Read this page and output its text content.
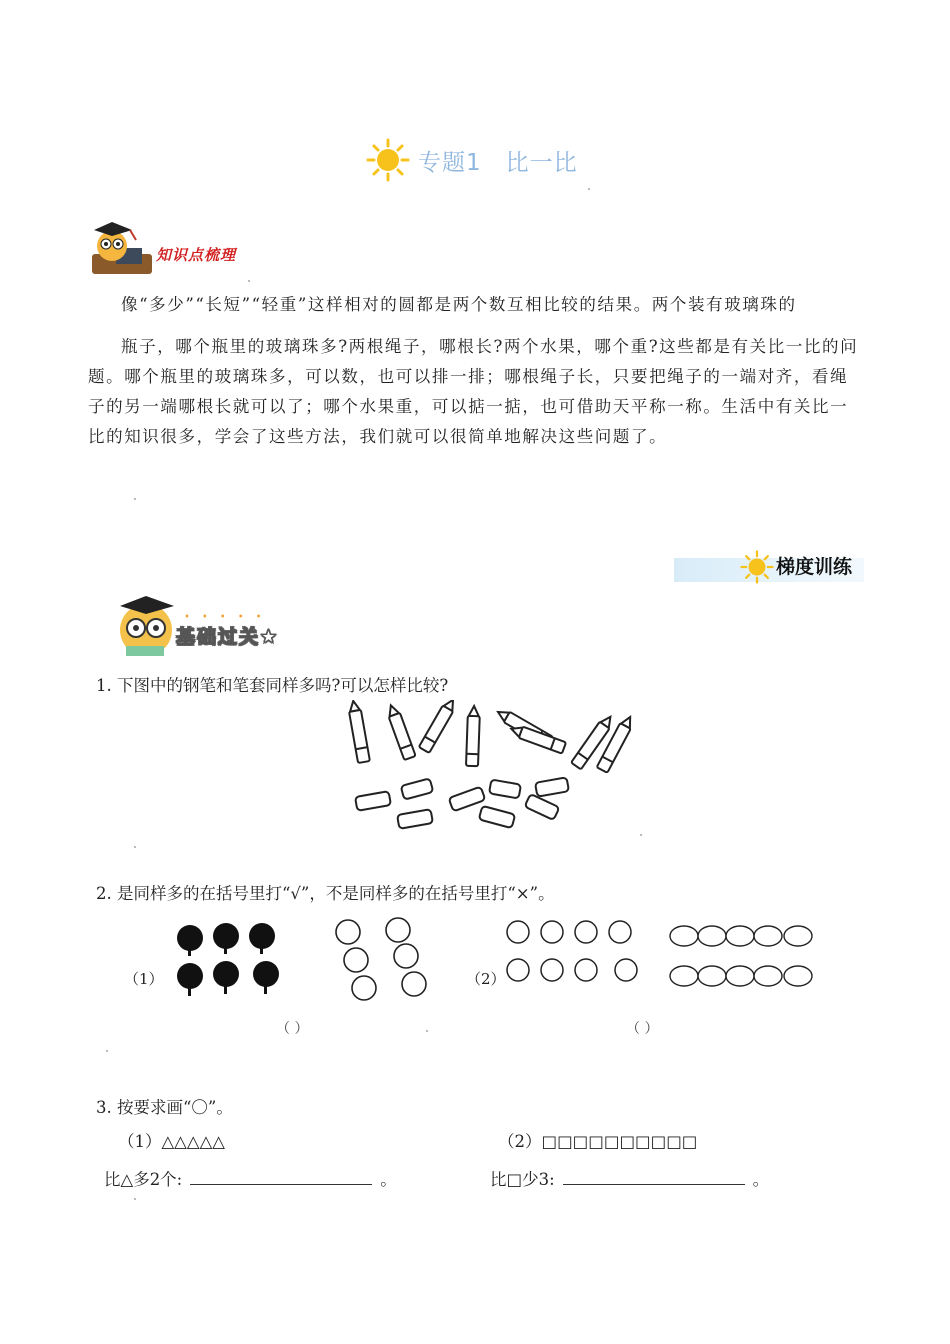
专题1 比一比
知识点梳理

像“多少”“长短”“轻重”这样相对的圆都是两个数互相比较的结果。两个装有玻璃珠的

瓶子，哪个瓶里的玻璃珠多?两根绳子，哪根长?两个水果，哪个重?这些都是有关比一比的问题。哪个瓶里的玻璃珠多，可以数，也可以排一排；哪根绳子长，只要把绳子的一端对齐，看绳子的另一端哪根长就可以了；哪个水果重，可以掂一掂，也可借助天平称一称。生活中有关比一比的知识很多，学会了这些方法，我们就可以很简单地解决这些问题了。

梯度训练
基础过关★
•••••
1. 下图中的钢笔和笔套同样多吗?可以怎样比较?
2. 是同样多的在括号里打“√”，不是同样多的在括号里打“×”。
（1）
（ ）
（2）
（ ）
3. 按要求画“〇”。
（1）△△△△△	（2）□□□□□□□□□□
比△多2个:	。	比□少3:	。
